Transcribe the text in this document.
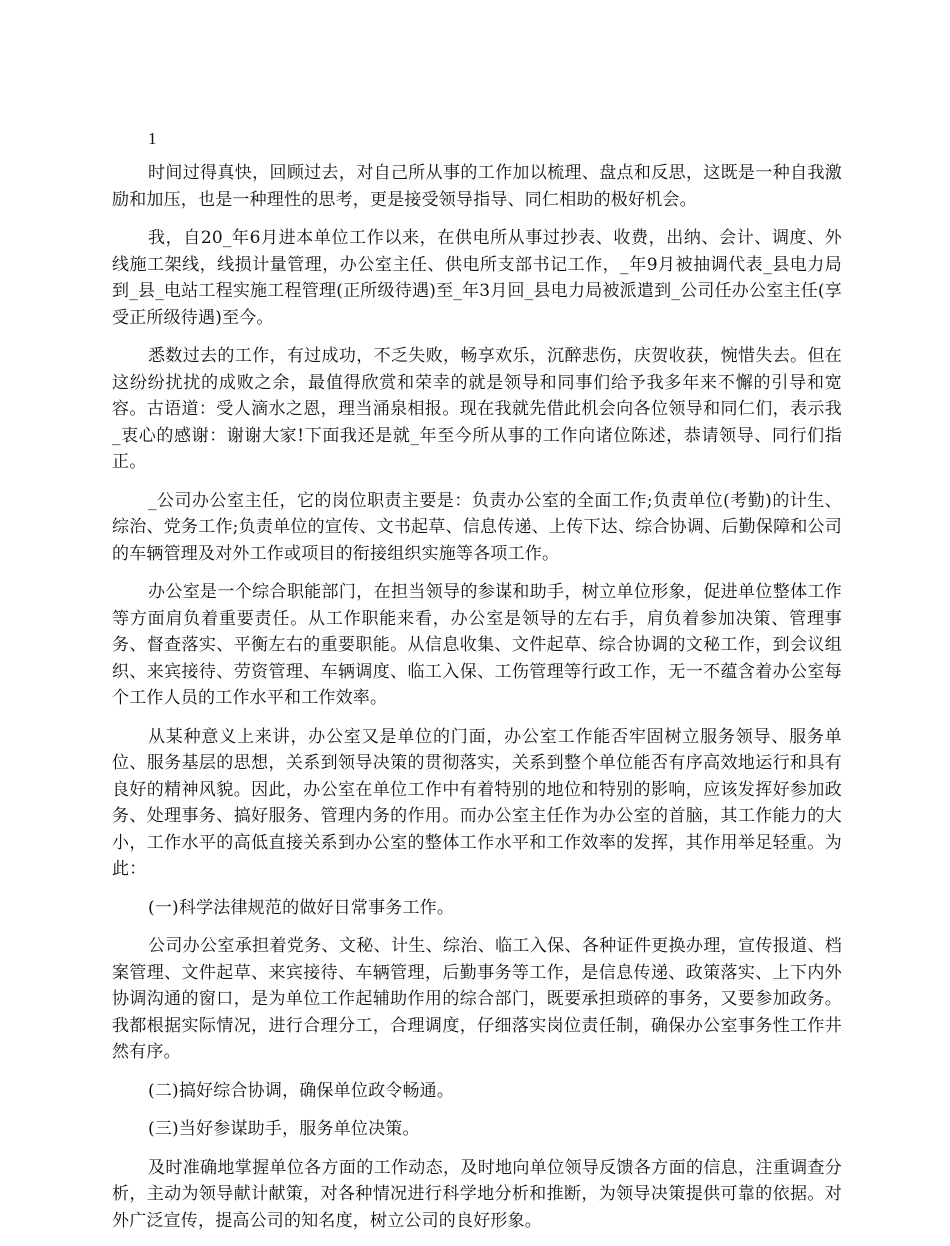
1

时间过得真快，回顾过去，对自己所从事的工作加以梳理、盘点和反思，这既是一种自我激励和加压，也是一种理性的思考，更是接受领导指导、同仁相助的极好机会。

我，自20_年6月进本单位工作以来，在供电所从事过抄表、收费，出纳、会计、调度、外线施工架线，线损计量管理，办公室主任、供电所支部书记工作，_年9月被抽调代表_县电力局到_县_电站工程实施工程管理(正所级待遇)至_年3月回_县电力局被派遣到_公司任办公室主任(享受正所级待遇)至今。

悉数过去的工作，有过成功，不乏失败，畅享欢乐，沉醉悲伤，庆贺收获，惋惜失去。但在这纷纷扰扰的成败之余，最值得欣赏和荣幸的就是领导和同事们给予我多年来不懈的引导和宽容。古语道：受人滴水之恩，理当涌泉相报。现在我就先借此机会向各位领导和同仁们，表示我_衷心的感谢：谢谢大家!下面我还是就_年至今所从事的工作向诸位陈述，恭请领导、同行们指正。

_公司办公室主任，它的岗位职责主要是：负责办公室的全面工作;负责单位(考勤)的计生、综治、党务工作;负责单位的宣传、文书起草、信息传递、上传下达、综合协调、后勤保障和公司的车辆管理及对外工作或项目的衔接组织实施等各项工作。

办公室是一个综合职能部门，在担当领导的参谋和助手，树立单位形象，促进单位整体工作等方面肩负着重要责任。从工作职能来看，办公室是领导的左右手，肩负着参加决策、管理事务、督查落实、平衡左右的重要职能。从信息收集、文件起草、综合协调的文秘工作，到会议组织、来宾接待、劳资管理、车辆调度、临工入保、工伤管理等行政工作，无一不蕴含着办公室每个工作人员的工作水平和工作效率。

从某种意义上来讲，办公室又是单位的门面，办公室工作能否牢固树立服务领导、服务单位、服务基层的思想，关系到领导决策的贯彻落实，关系到整个单位能否有序高效地运行和具有良好的精神风貌。因此，办公室在单位工作中有着特别的地位和特别的影响，应该发挥好参加政务、处理事务、搞好服务、管理内务的作用。而办公室主任作为办公室的首脑，其工作能力的大小，工作水平的高低直接关系到办公室的整体工作水平和工作效率的发挥，其作用举足轻重。为此：

(一)科学法律规范的做好日常事务工作。

公司办公室承担着党务、文秘、计生、综治、临工入保、各种证件更换办理，宣传报道、档案管理、文件起草、来宾接待、车辆管理，后勤事务等工作，是信息传递、政策落实、上下内外协调沟通的窗口，是为单位工作起辅助作用的综合部门，既要承担琐碎的事务，又要参加政务。我都根据实际情况，进行合理分工，合理调度，仔细落实岗位责任制，确保办公室事务性工作井然有序。

(二)搞好综合协调，确保单位政令畅通。

(三)当好参谋助手，服务单位决策。

及时准确地掌握单位各方面的工作动态，及时地向单位领导反馈各方面的信息，注重调查分析，主动为领导献计献策，对各种情况进行科学地分析和推断，为领导决策提供可靠的依据。对外广泛宣传，提高公司的知名度，树立公司的良好形象。
